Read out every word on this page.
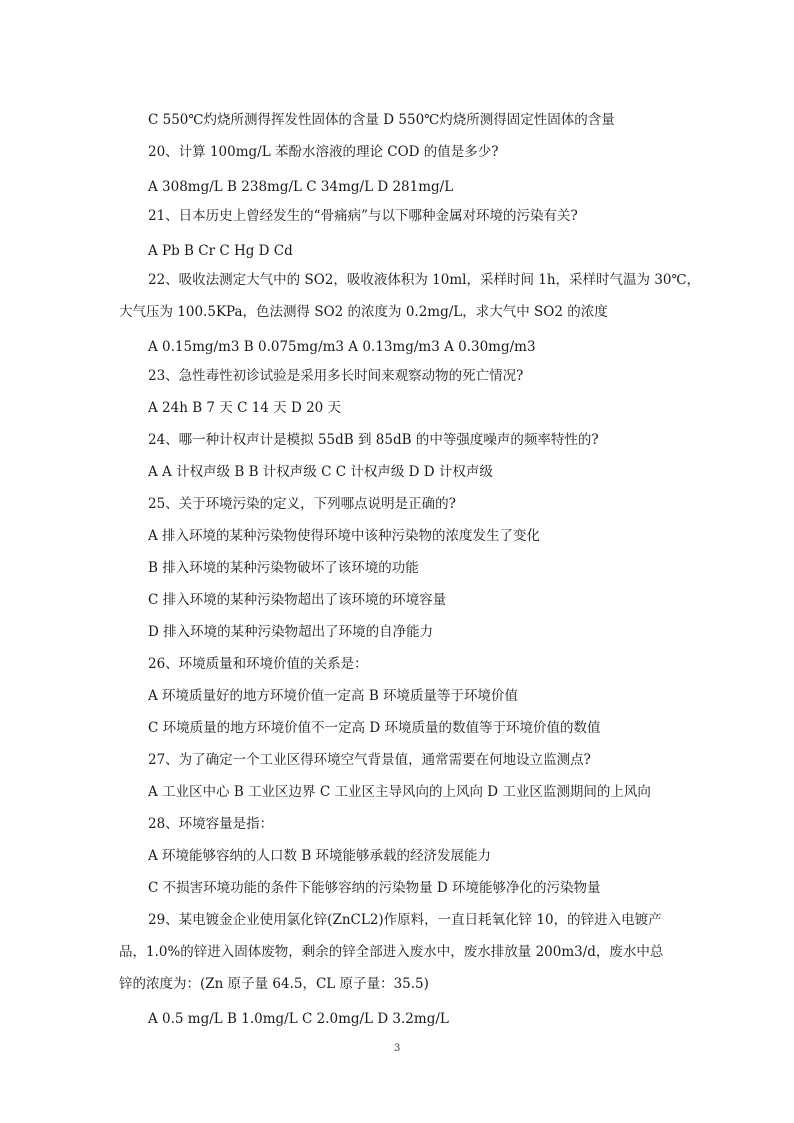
C 550℃灼烧所测得挥发性固体的含量 D 550℃灼烧所测得固定性固体的含量
20、计算 100mg/L 苯酚水溶液的理论 COD 的值是多少?
A 308mg/L B 238mg/L C 34mg/L D 281mg/L
21、日本历史上曾经发生的“骨痛病”与以下哪种金属对环境的污染有关?
A Pb B Cr C Hg D Cd
22、吸收法测定大气中的 SO2，吸收液体积为 10ml，采样时间 1h，采样时气温为 30℃，
大气压为 100.5KPa，色法测得 SO2 的浓度为 0.2mg/L，求大气中 SO2 的浓度
A 0.15mg/m3 B 0.075mg/m3 A 0.13mg/m3 A 0.30mg/m3
23、急性毒性初诊试验是采用多长时间来观察动物的死亡情况?
A 24h B 7 天 C 14 天 D 20 天
24、哪一种计权声计是模拟 55dB 到 85dB 的中等强度噪声的频率特性的?
A A 计权声级 B B 计权声级 C C 计权声级 D D 计权声级
25、关于环境污染的定义，下列哪点说明是正确的?
A 排入环境的某种污染物使得环境中该种污染物的浓度发生了变化
B 排入环境的某种污染物破坏了该环境的功能
C 排入环境的某种污染物超出了该环境的环境容量
D 排入环境的某种污染物超出了环境的自净能力
26、环境质量和环境价值的关系是：
A 环境质量好的地方环境价值一定高 B 环境质量等于环境价值
C 环境质量的地方环境价值不一定高 D 环境质量的数值等于环境价值的数值
27、为了确定一个工业区得环境空气背景值，通常需要在何地设立监测点?
A 工业区中心 B 工业区边界 C 工业区主导风向的上风向 D 工业区监测期间的上风向
28、环境容量是指：
A 环境能够容纳的人口数 B 环境能够承载的经济发展能力
C 不损害环境功能的条件下能够容纳的污染物量 D 环境能够净化的污染物量
29、某电镀金企业使用氯化锌(ZnCL2)作原料，一直日耗氧化锌 10，的锌进入电镀产
品，1.0%的锌进入固体废物，剩余的锌全部进入废水中，废水排放量 200m3/d，废水中总
锌的浓度为：(Zn 原子量 64.5，CL 原子量：35.5)
A 0.5 mg/L B 1.0mg/L C 2.0mg/L D 3.2mg/L
3
